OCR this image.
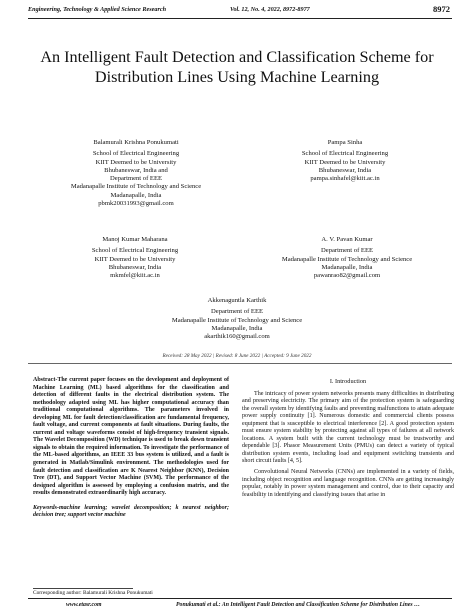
Engineering, Technology & Applied Science Research	Vol. 12, No. 4, 2022, 8972-8977	8972
An Intelligent Fault Detection and Classification Scheme for Distribution Lines Using Machine Learning
Balamurali Krishna Ponukumati
School of Electrical Engineering
KIIT Deemed to be University
Bhubaneswar, India and
Department of EEE
Madanapalle Institute of Technology and Science
Madanapalle, India
pbmk20031993@gmail.com
Pampa Sinha
School of Electrical Engineering
KIIT Deemed to be University
Bhubaneswar, India
pampa.sinhafel@kiit.ac.in
Manoj Kumar Maharana
School of Electrical Engineering
KIIT Deemed to be University
Bhubaneswar, India
mkmfel@kiit.ac.in
A. V. Pavan Kumar
Department of EEE
Madanapalle Institute of Technology and Science
Madanapalle, India
pawanrao82@gmail.com
Akkenaguntla Karthik
Department of EEE
Madanapalle Institute of Technology and Science
Madanapalle, India
akarthik160@gmail.com
Received: 28 May 2022 | Revised: 8 June 2022 | Accepted: 9 June 2022

Abstract-The current paper focuses on the development and deployment of Machine Learning (ML) based algorithms for the classification and detection of different faults in the electrical distribution system. The methodology adapted using ML has higher computational accuracy than traditional computational algorithms. The parameters involved in developing ML for fault detection/classification are fundamental frequency, fault voltage, and current components at fault situations. During faults, the current and voltage waveforms consist of high-frequency transient signals. The Wavelet Decomposition (WD) technique is used to break down transient signals to obtain the required information. To investigate the performance of the ML-based algorithms, an IEEE 33 bus system is utilized, and a fault is generated in Matlab/Simulink environment. The methodologies used for fault detection and classification are K Nearest Neighbor (KNN), Decision Tree (DT), and Support Vector Machine (SVM). The performance of the designed algorithm is assessed by employing a confusion matrix, and the results demonstrated extraordinarily high accuracy.

Keywords-machine learning; wavelet decomposition; k nearest neighbor; decision tree; support vector machine

I. Introduction

The intricacy of power system networks presents many difficulties in distributing and preserving electricity. The primary aim of the protection system is safeguarding the overall system by identifying faults and preventing malfunctions to attain adequate power supply continuity [1]. Numerous domestic and commercial clients possess equipment that is susceptible to electrical interference [2]. A good protection system must ensure system stability by protecting against all types of failures at all network locations. A system built with the current technology must be trustworthy and dependable [3]. Phasor Measurement Units (PMUs) can detect a variety of typical distribution system events, including load and equipment switching transients and short circuit faults [4, 5].

Convolutional Neural Networks (CNNs) are implemented in a variety of fields, including object recognition and language recognition. CNNs are getting increasingly popular, notably in power system management and control, due to their capacity and feasibility in identifying and classifying issues that arise in

Corresponding author: Balamurali Krishna Ponukumati
www.etasr.com	Ponukumati et al.: An Intelligent Fault Detection and Classification Scheme for Distribution Lines …
